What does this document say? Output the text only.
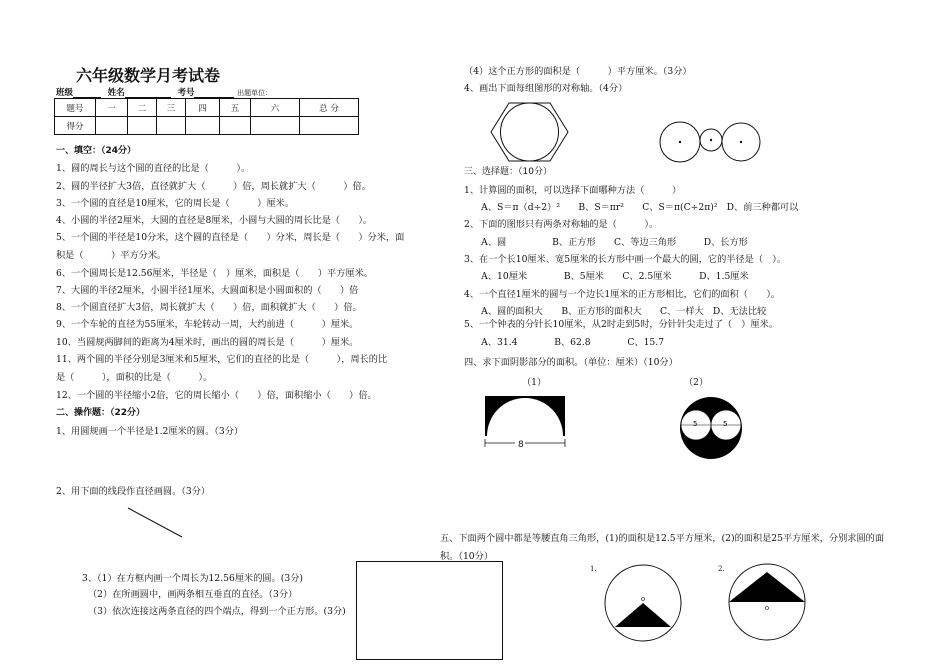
六年级数学月考试卷
班级	姓名	考号	出题单位：
题号	一	二	三	四	五	六	总 分
得分							
一、填空：（24分）
1、圆的周长与这个圆的直径的比是（　　　）。
2、圆的半径扩大3倍，直径就扩大（　　　）倍，周长就扩大（　　　）倍。
3、一个圆的直径是10厘米，它的周长是（　　　）厘米。
4、小圆的半径2厘米，大圆的直径是8厘米，小圆与大圆的周长比是（　　）。
5、一个圆的半径是10分米，这个圆的直径是（　　）分米，周长是（　　）分米，面
积是（　　　）平方分米。
6、一个圆周长是12.56厘米，半径是（　）厘米，面积是（　　）平方厘米。
7、大圆的半径2厘米，小圆半径1厘米，大圆面积是小圆面积的（　　）倍
8、一个圆直径扩大3倍，周长就扩大（　　）倍，面积就扩大（　　）倍。
9、一个车轮的直径为55厘米，车轮转动一周，大约前进（　　　）厘米。
10、当圆规两脚间的距离为4厘米时，画出的圆的周长是（　　　）厘米。
11、两个圆的半径分别是3厘米和5厘米，它们的直径的比是（　　　），周长的比
是（　　　），面积的比是（　　　）。
12、一个圆的半径缩小2倍，它的周长缩小（　　）倍，面积缩小（　　）倍。
二、操作题：（22分）
1、用圆规画一个半径是1.2厘米的圆。（3分）
2、用下面的线段作直径画圆。（3分）
3、（1）在方框内画一个周长为12.56厘米的圆。(3分)
（2）在所画圆中，画两条相互垂直的直径。（3分）
（3）依次连接这两条直径的四个端点，得到一个正方形。(3分)
（4）这个正方形的面积是（　　　）平方厘米。（3分）
4、画出下面每组图形的对称轴。（4分）
三、选择题：（10分）
1、计算圆的面积，可以选择下面哪种方法（　　　）
　A、S＝π（d÷2）²　　B、S＝πr²　　C、S＝π(C÷2π)²　D、前三种都可以
2、下面的图形只有两条对称轴的是（　　　）。
　A、圆　　　　　B、正方形　　C、等边三角形　　　D、长方形
3、在一个长10厘米、宽5厘米的长方形中画一个最大的圆，它的半径是（　）。
　A、10厘米　　　　B、5厘米　　C、2.5厘米　　　D、1.5厘米
4、一个直径1厘米的圆与一个边长1厘米的正方形相比，它们的面积（　　）。
　A、圆的面积大　　B、正方形的面积大　　C、一样大　D、无法比较
5、一个钟表的分针长10厘米，从2时走到5时，分针针尖走过了（　）厘米。
　A、31.4　　　　B、62.8　　　　C、15.7
四、求下面阴影部分的面积。（单位：厘米）（10分）
（1）	（2）
8
5	5
五、下面两个圆中都是等腰直角三角形，(1)的面积是12.5平方厘米，(2)的面积是25平方厘米，分别求圆的面
积。（10分）
1.	2.
